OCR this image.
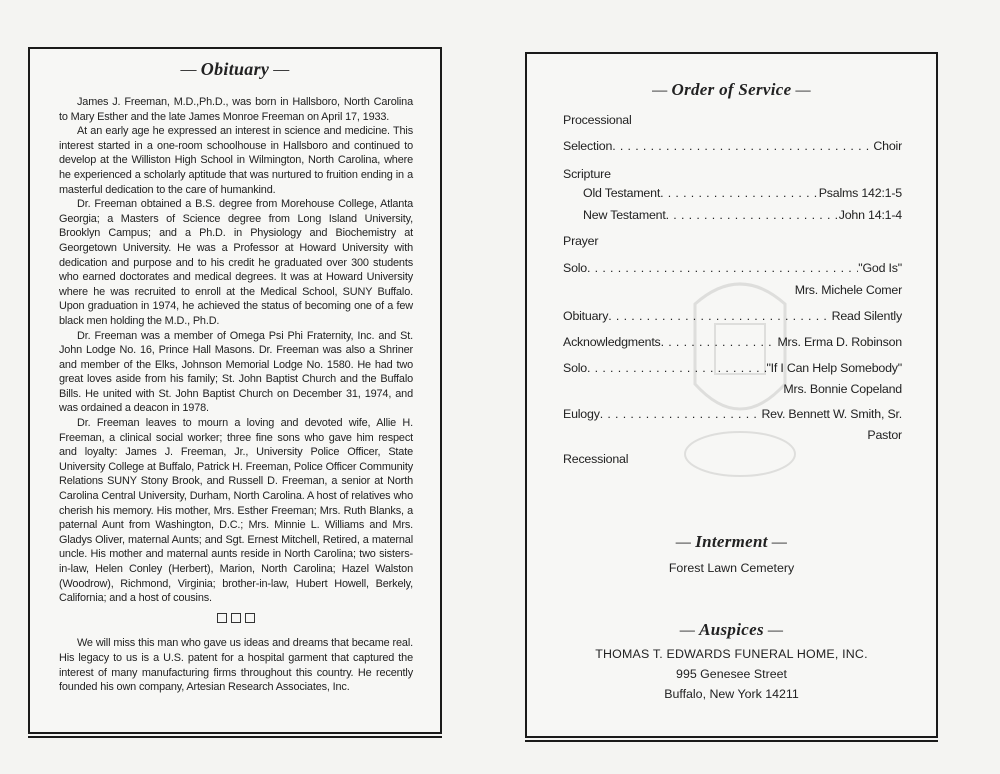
— Obituary —

James J. Freeman, M.D.,Ph.D., was born in Hallsboro, North Carolina to Mary Esther and the late James Monroe Freeman on April 17, 1933.

At an early age he expressed an interest in science and medicine. This interest started in a one-room schoolhouse in Hallsboro and continued to develop at the Williston High School in Wilmington, North Carolina, where he experienced a scholarly aptitude that was nurtured to fruition ending in a masterful dedication to the care of humankind.

Dr. Freeman obtained a B.S. degree from Morehouse College, Atlanta Georgia; a Masters of Science degree from Long Island University, Brooklyn Campus; and a Ph.D. in Physiology and Biochemistry at Georgetown University. He was a Professor at Howard University with dedication and purpose and to his credit he graduated over 300 students who earned doctorates and medical degrees. It was at Howard University where he was recruited to enroll at the Medical School, SUNY Buffalo. Upon graduation in 1974, he achieved the status of becoming one of a few black men holding the M.D., Ph.D.

Dr. Freeman was a member of Omega Psi Phi Fraternity, Inc. and St. John Lodge No. 16, Prince Hall Masons. Dr. Freeman was also a Shriner and member of the Elks, Johnson Memorial Lodge No. 1580. He had two great loves aside from his family; St. John Baptist Church and the Buffalo Bills. He united with St. John Baptist Church on December 31, 1974, and was ordained a deacon in 1978.

Dr. Freeman leaves to mourn a loving and devoted wife, Allie H. Freeman, a clinical social worker; three fine sons who gave him respect and loyalty: James J. Freeman, Jr., University Police Officer, State University College at Buffalo, Patrick H. Freeman, Police Officer Community Relations SUNY Stony Brook, and Russell D. Freeman, a senior at North Carolina Central University, Durham, North Carolina. A host of relatives who cherish his memory. His mother, Mrs. Esther Freeman; Mrs. Ruth Blanks, a paternal Aunt from Washington, D.C.; Mrs. Minnie L. Williams and Mrs. Gladys Oliver, maternal Aunts; and Sgt. Ernest Mitchell, Retired, a maternal uncle. His mother and maternal aunts reside in North Carolina; two sisters-in-law, Helen Conley (Herbert), Marion, North Carolina; Hazel Walston (Woodrow), Richmond, Virginia; brother-in-law, Hubert Howell, Berkely, California; and a host of cousins.

We will miss this man who gave us ideas and dreams that became real. His legacy to us is a U.S. patent for a hospital garment that captured the interest of many manufacturing firms throughout this country. He recently founded his own company, Artesian Research Associates, Inc.

— Order of Service —
Processional
Selection . . .	Choir
Scripture
Old Testament . . .	Psalms 142:1-5
New Testament . . .	John 14:1-4
Prayer
Solo . . .	"God Is"
Mrs. Michele Comer
Obituary . . .	Read Silently
Acknowledgments . . .	Mrs. Erma D. Robinson
Solo . . .	"If I Can Help Somebody"
Mrs. Bonnie Copeland
Eulogy . . .	Rev. Bennett W. Smith, Sr.
Pastor
Recessional
— Interment —
Forest Lawn Cemetery
— Auspices —
THOMAS T. EDWARDS FUNERAL HOME, INC.
995 Genesee Street
Buffalo, New York 14211
